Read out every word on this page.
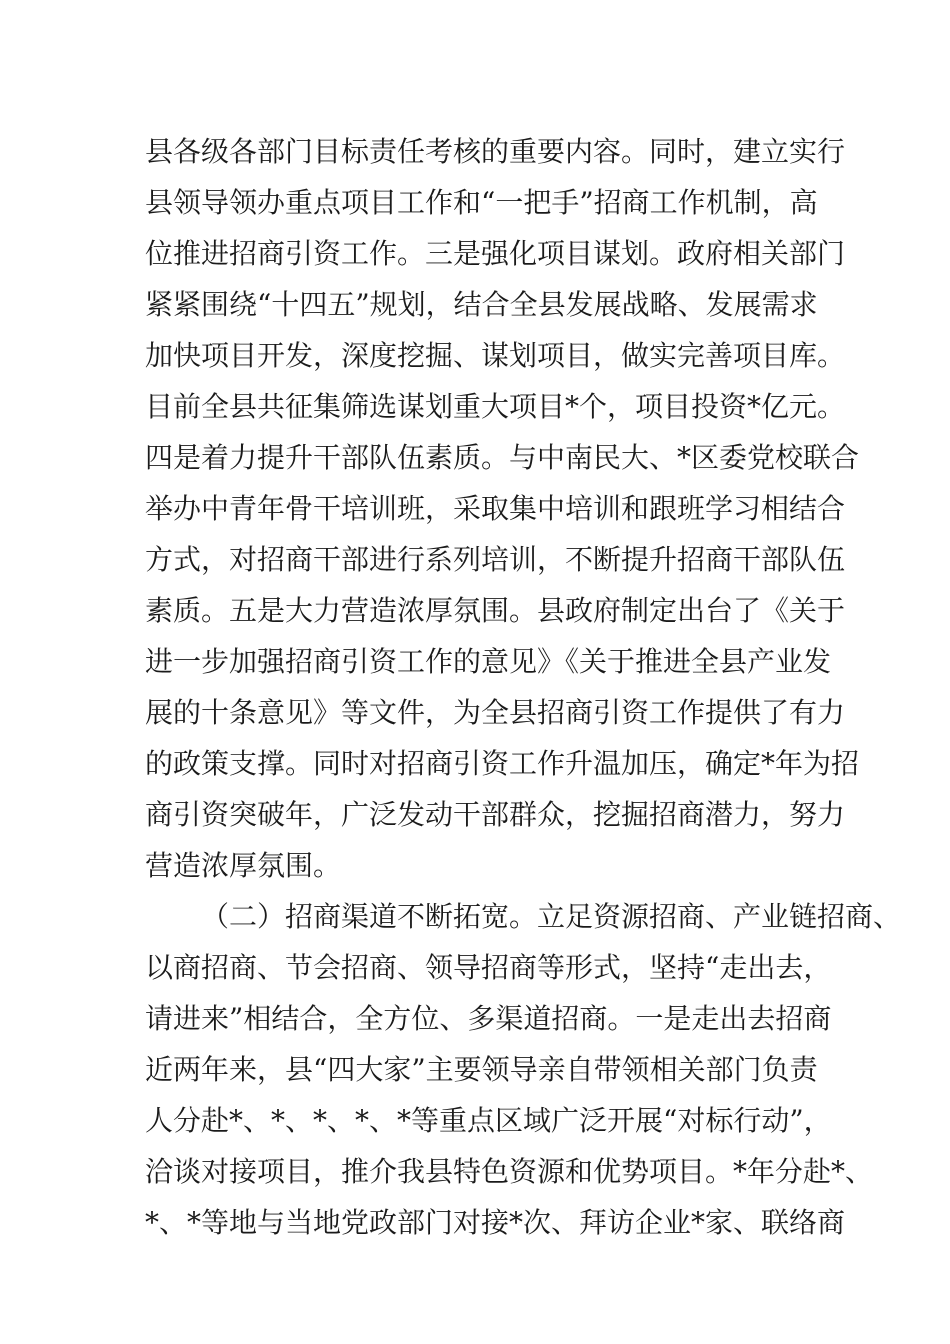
县各级各部门目标责任考核的重要内容。同时，建立实行
县领导领办重点项目工作和“一把手”招商工作机制，高
位推进招商引资工作。三是强化项目谋划。政府相关部门
紧紧围绕“十四五”规划，结合全县发展战略、发展需求
加快项目开发，深度挖掘、谋划项目，做实完善项目库。
目前全县共征集筛选谋划重大项目*个，项目投资*亿元。
四是着力提升干部队伍素质。与中南民大、*区委党校联合
举办中青年骨干培训班，采取集中培训和跟班学习相结合
方式，对招商干部进行系列培训，不断提升招商干部队伍
素质。五是大力营造浓厚氛围。县政府制定出台了《关于
进一步加强招商引资工作的意见》《关于推进全县产业发
展的十条意见》等文件，为全县招商引资工作提供了有力
的政策支撑。同时对招商引资工作升温加压，确定*年为招
商引资突破年，广泛发动干部群众，挖掘招商潜力，努力
营造浓厚氛围。
（二）招商渠道不断拓宽。立足资源招商、产业链招商、
以商招商、节会招商、领导招商等形式，坚持“走出去，
请进来”相结合，全方位、多渠道招商。一是走出去招商
近两年来，县“四大家”主要领导亲自带领相关部门负责
人分赴*、*、*、*、*等重点区域广泛开展“对标行动”，
洽谈对接项目，推介我县特色资源和优势项目。*年分赴*、
*、*等地与当地党政部门对接*次、拜访企业*家、联络商
